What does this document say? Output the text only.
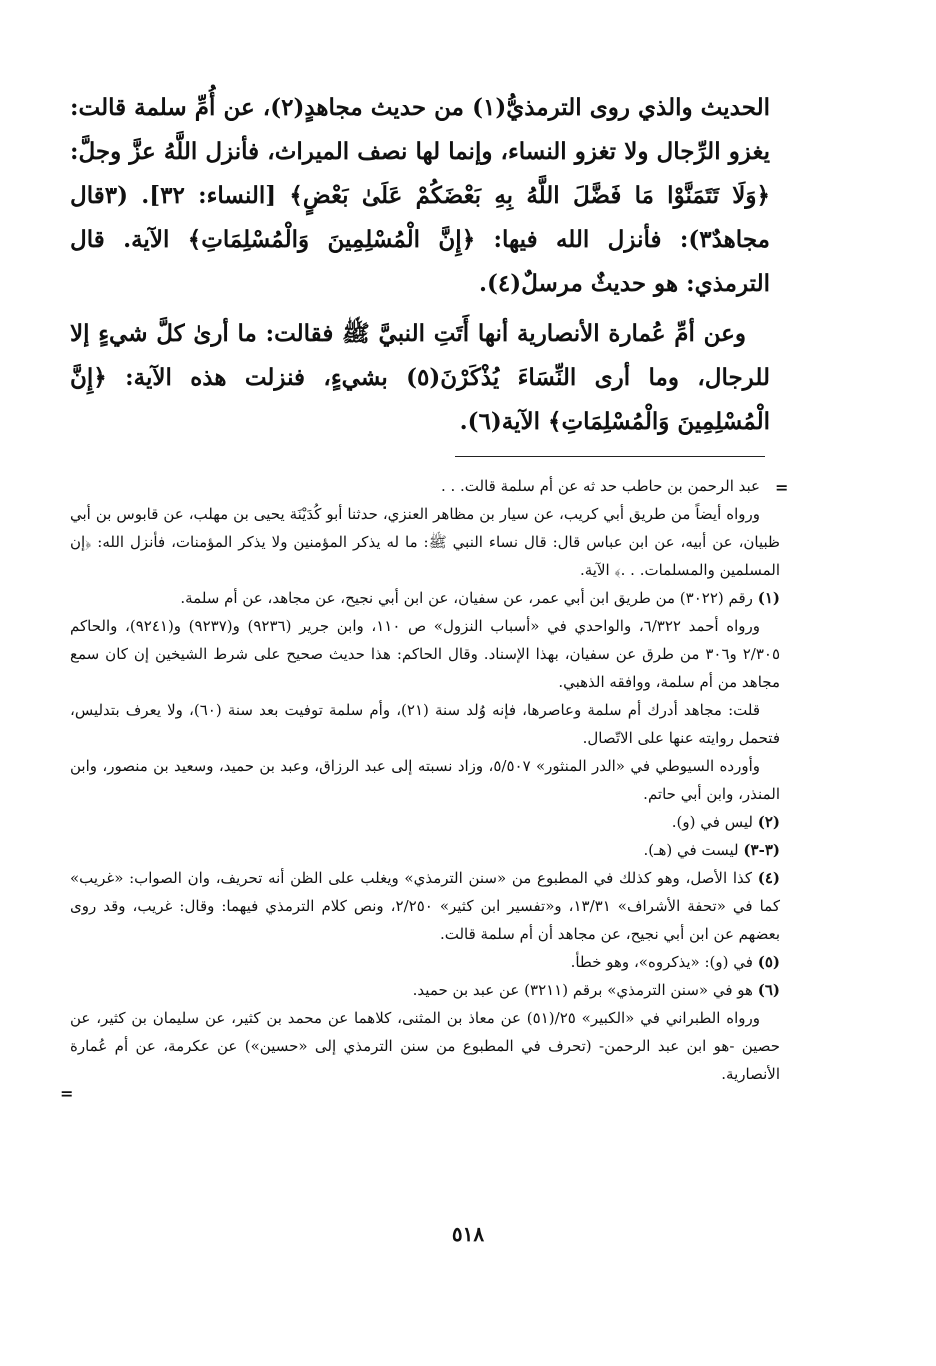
الحديث والذي روى الترمذيُّ(١) من حديث مجاهدٍ(٢)، عن أُمِّ سلمة قالت: يغزو الرِّجال ولا تغزو النساء، وإنما لها نصف الميراث، فأنزل اللَّهُ عزَّ وجلَّ: ﴿وَلَا تَتَمَنَّوْا مَا فَضَّلَ اللَّهُ بِهِ بَعْضَكُمْ عَلَىٰ بَعْضٍ﴾ [النساء: ٣٢]. (٣قال مجاهدٌ٣): فأنزل الله فيها: ﴿إِنَّ الْمُسْلِمِينَ وَالْمُسْلِمَاتِ﴾ الآية. قال الترمذي: هو حديثٌ مرسلٌ(٤).

وعن أمِّ عُمارة الأنصارية أنها أَتَتِ النبيَّ ﷺ فقالت: ما أرىٰ كلَّ شيءٍ إلا للرجال، وما أرى النِّسَاءَ يُذْكَرْنَ(٥) بشيءٍ، فنزلت هذه الآية: ﴿إِنَّ الْمُسْلِمِينَ وَالْمُسْلِمَاتِ﴾ الآية(٦).

=

عبد الرحمن بن حاطب حد ثه عن أم سلمة قالت. . .

ورواه أيضاً من طريق أبي كريب، عن سيار بن مظاهر العنزي، حدثنا أبو كُدَيْنَة يحيى بن مهلب، عن قابوس بن أبي ظبيان، عن أبيه، عن ابن عباس قال: قال نساء النبي ﷺ: ما له يذكر المؤمنين ولا يذكر المؤمنات، فأنزل الله: ﴿إن المسلمين والمسلمات. . .﴾ الآية.

(١) رقم (٣٠٢٢) من طريق ابن أبي عمر، عن سفيان، عن ابن أبي نجيح، عن مجاهد، عن أم سلمة.

ورواه أحمد ٦/٣٢٢، والواحدي في «أسباب النزول» ص ١١٠، وابن جرير (٩٢٣٦) و(٩٢٣٧) و(٩٢٤١)، والحاكم ٢/٣٠٥ و٣٠٦ من طرق عن سفيان، بهذا الإسناد. وقال الحاكم: هذا حديث صحيح على شرط الشيخين إن كان سمع مجاهد من أم سلمة، ووافقه الذهبي.

قلت: مجاهد أدرك أم سلمة وعاصرها، فإنه وُلد سنة (٢١)، وأم سلمة توفيت بعد سنة (٦٠)، ولا يعرف بتدليس، فتحمل روايته عنها على الاتّصال.

وأورده السيوطي في «الدر المنثور» ٥/٥٠٧، وزاد نسبته إلى عبد الرزاق، وعبد بن حميد، وسعيد بن منصور، وابن المنذر، وابن أبي حاتم.

(٢) ليس في (و).

(٣-٣) ليست في (هـ).

(٤) كذا الأصل، وهو كذلك في المطبوع من «سنن الترمذي» ويغلب على الظن أنه تحريف، وان الصواب: «غريب» كما في «تحفة الأشراف» ١٣/٣١، و«تفسير ابن كثير» ٢/٢٥٠، ونص كلام الترمذي فيهما: وقال: غريب، وقد روى بعضهم عن ابن أبي نجيح، عن مجاهد أن أم سلمة قالت.

(٥) في (و): «يذكروه»، وهو خطأ.

(٦) هو في «سنن الترمذي» برقم (٣٢١١) عن عبد بن حميد.

ورواه الطبراني في «الكبير» ٢٥/(٥١) عن معاذ بن المثنى، كلاهما عن محمد بن كثير، عن سليمان بن كثير، عن حصين -هو ابن عبد الرحمن- (تحرف في المطبوع من سنن الترمذي إلى «حسين») عن عكرمة، عن أم عُمارة الأنصارية.

=
٥١٨
